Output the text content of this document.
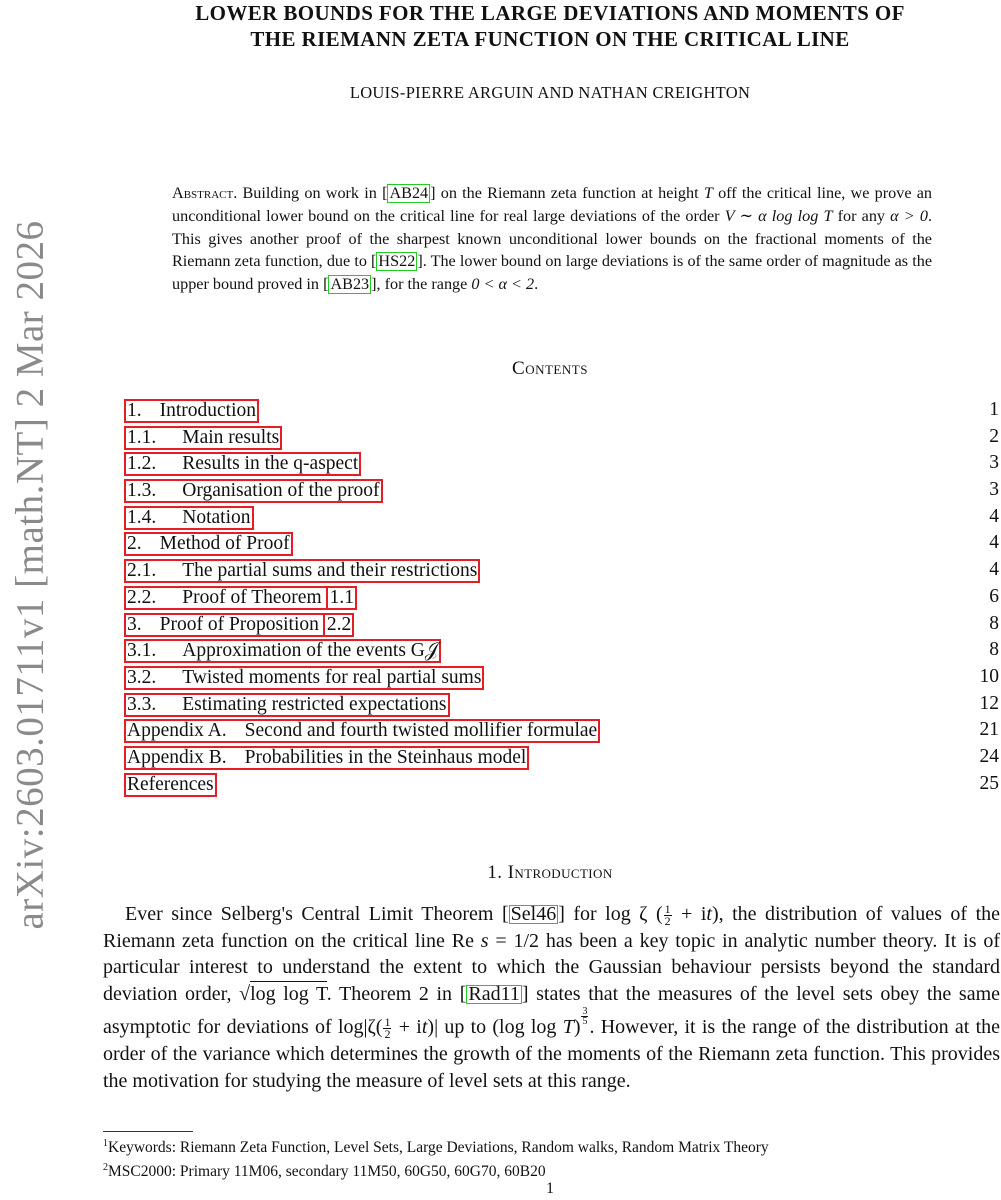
arXiv:2603.01711v1 [math.NT] 2 Mar 2026
LOWER BOUNDS FOR THE LARGE DEVIATIONS AND MOMENTS OF
THE RIEMANN ZETA FUNCTION ON THE CRITICAL LINE
LOUIS-PIERRE ARGUIN AND NATHAN CREIGHTON
Abstract. Building on work in [ AB24 ] on the Riemann zeta function at height T off the critical line, we prove an unconditional lower bound on the critical line for real large deviations of the order V ∼ α log log T for any α > 0. This gives another proof of the sharpest known unconditional lower bounds on the fractional moments of the Riemann zeta function, due to [ HS22 ]. The lower bound on large deviations is of the same order of magnitude as the upper bound proved in [ AB23 ], for the range 0 < α < 2.
Contents
1. Introduction	1
1.1. Main results	2
1.2. Results in the q-aspect	3
1.3. Organisation of the proof	3
1.4. Notation	4
2. Method of Proof	4
2.1. The partial sums and their restrictions	4
2.2. Proof of Theorem 1.1	6
3. Proof of Proposition 2.2	8
3.1. Approximation of the events G𝒥	8
3.2. Twisted moments for real partial sums	10
3.3. Estimating restricted expectations	12
Appendix A. Second and fourth twisted mollifier formulae	21
Appendix B. Probabilities in the Steinhaus model	24
References	25
1. Introduction
Ever since Selberg's Central Limit Theorem [ Sel46 ] for log ζ ( $\frac{1}{2} + it$), the distribution of values of the Riemann zeta function on the critical line Re s = 1/2 has been a key topic in analytic number theory. It is of particular interest to understand the extent to which the Gaussian behaviour persists beyond the standard deviation order, √log log T. Theorem 2 in [ Rad11 ] states that the measures of the level sets obey the same asymptotic for deviations of $\log|\zeta( \frac{1}{2} + it)|$ up to (log $\log T) \frac{3}{5}$ . However, it is the range of the distribution at the order of the variance which determines the growth of the moments of the Riemann zeta function. This provides the motivation for studying the measure of level sets at this range.
$^1$Keywords: Riemann Zeta Function, Level Sets, Large Deviations, Random walks, Random Matrix Theory
$^2$MSC2000: Primary 11M06, secondary 11M50, 60G50, 60G70, 60B20
1
